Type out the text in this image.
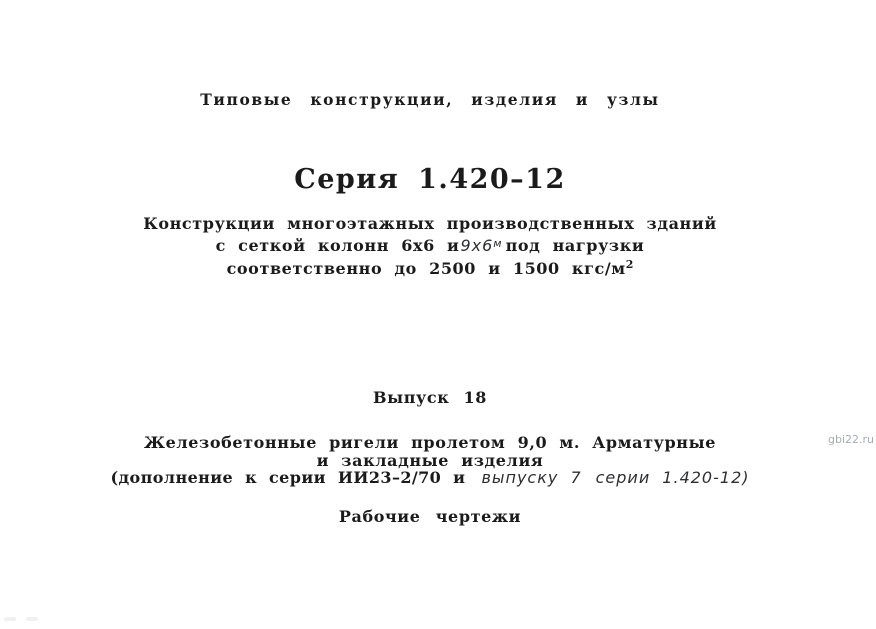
Типовые конструкции, изделия и узлы
Серия 1.420–12
Конструкции многоэтажных производственных зданий
с сеткой колонн 6х6 $и9х6^м$ под нагрузки
соответственно до 2500 и 1500 кгс/$м^2$
Выпуск 18
Железобетонные ригели пролетом 9,0 м. Арматурные
и закладные изделия
(дополнение к серии ИИ23–2/70 и выпуску 7 серии 1.420-12)
Рабочие чертежи
gbi22.ru
